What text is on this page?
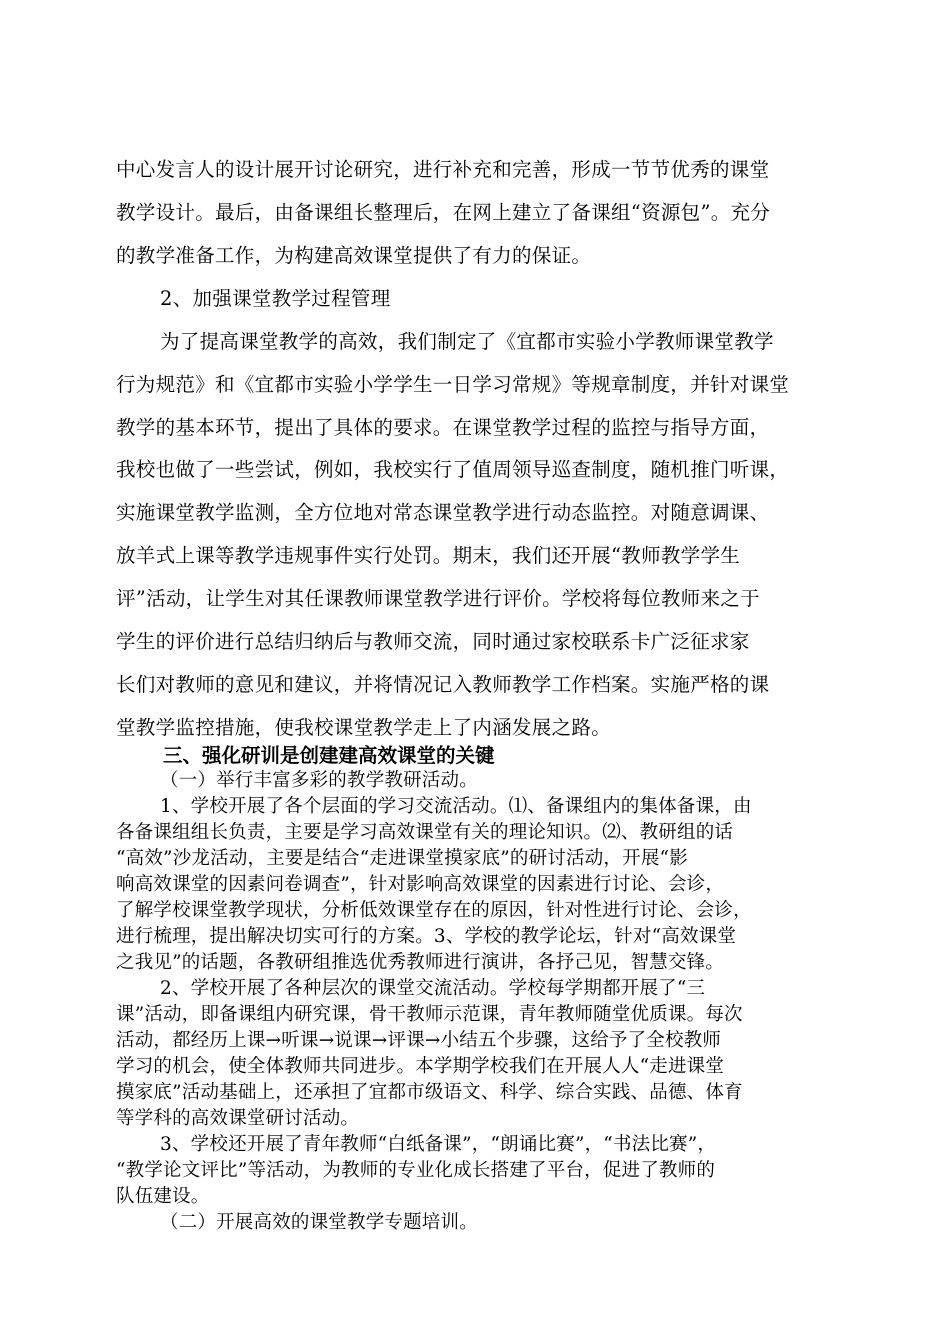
中心发言人的设计展开讨论研究，进行补充和完善，形成一节节优秀的课堂
教学设计。最后，由备课组长整理后，在网上建立了备课组“资源包”。充分
的教学准备工作，为构建高效课堂提供了有力的保证。
2、加强课堂教学过程管理
为了提高课堂教学的高效，我们制定了《宜都市实验小学教师课堂教学
行为规范》和《宜都市实验小学学生一日学习常规》等规章制度，并针对课堂
教学的基本环节，提出了具体的要求。在课堂教学过程的监控与指导方面，
我校也做了一些尝试，例如，我校实行了值周领导巡查制度，随机推门听课，
实施课堂教学监测，全方位地对常态课堂教学进行动态监控。对随意调课、
放羊式上课等教学违规事件实行处罚。期末，我们还开展“教师教学学生
评”活动，让学生对其任课教师课堂教学进行评价。学校将每位教师来之于
学生的评价进行总结归纳后与教师交流，同时通过家校联系卡广泛征求家
长们对教师的意见和建议，并将情况记入教师教学工作档案。实施严格的课
堂教学监控措施，使我校课堂教学走上了内涵发展之路。
三、强化研训是创建建高效课堂的关键
（一）举行丰富多彩的教学教研活动。
1、学校开展了各个层面的学习交流活动。⑴、备课组内的集体备课，由
各备课组组长负责，主要是学习高效课堂有关的理论知识。⑵、教研组的话
“高效”沙龙活动，主要是结合“走进课堂摸家底”的研讨活动，开展“影
响高效课堂的因素问卷调查”，针对影响高效课堂的因素进行讨论、会诊，
了解学校课堂教学现状，分析低效课堂存在的原因，针对性进行讨论、会诊，
进行梳理，提出解决切实可行的方案。3、学校的教学论坛，针对“高效课堂
之我见”的话题，各教研组推选优秀教师进行演讲，各抒己见，智慧交锋。
2、学校开展了各种层次的课堂交流活动。学校每学期都开展了“三
课”活动，即备课组内研究课，骨干教师示范课，青年教师随堂优质课。每次
活动，都经历上课→听课→说课→评课→小结五个步骤，这给予了全校教师
学习的机会，使全体教师共同进步。本学期学校我们在开展人人“走进课堂
摸家底”活动基础上，还承担了宜都市级语文、科学、综合实践、品德、体育
等学科的高效课堂研讨活动。
3、学校还开展了青年教师“白纸备课”，“朗诵比赛”，“书法比赛”，
“教学论文评比”等活动，为教师的专业化成长搭建了平台，促进了教师的
队伍建设。
（二）开展高效的课堂教学专题培训。
